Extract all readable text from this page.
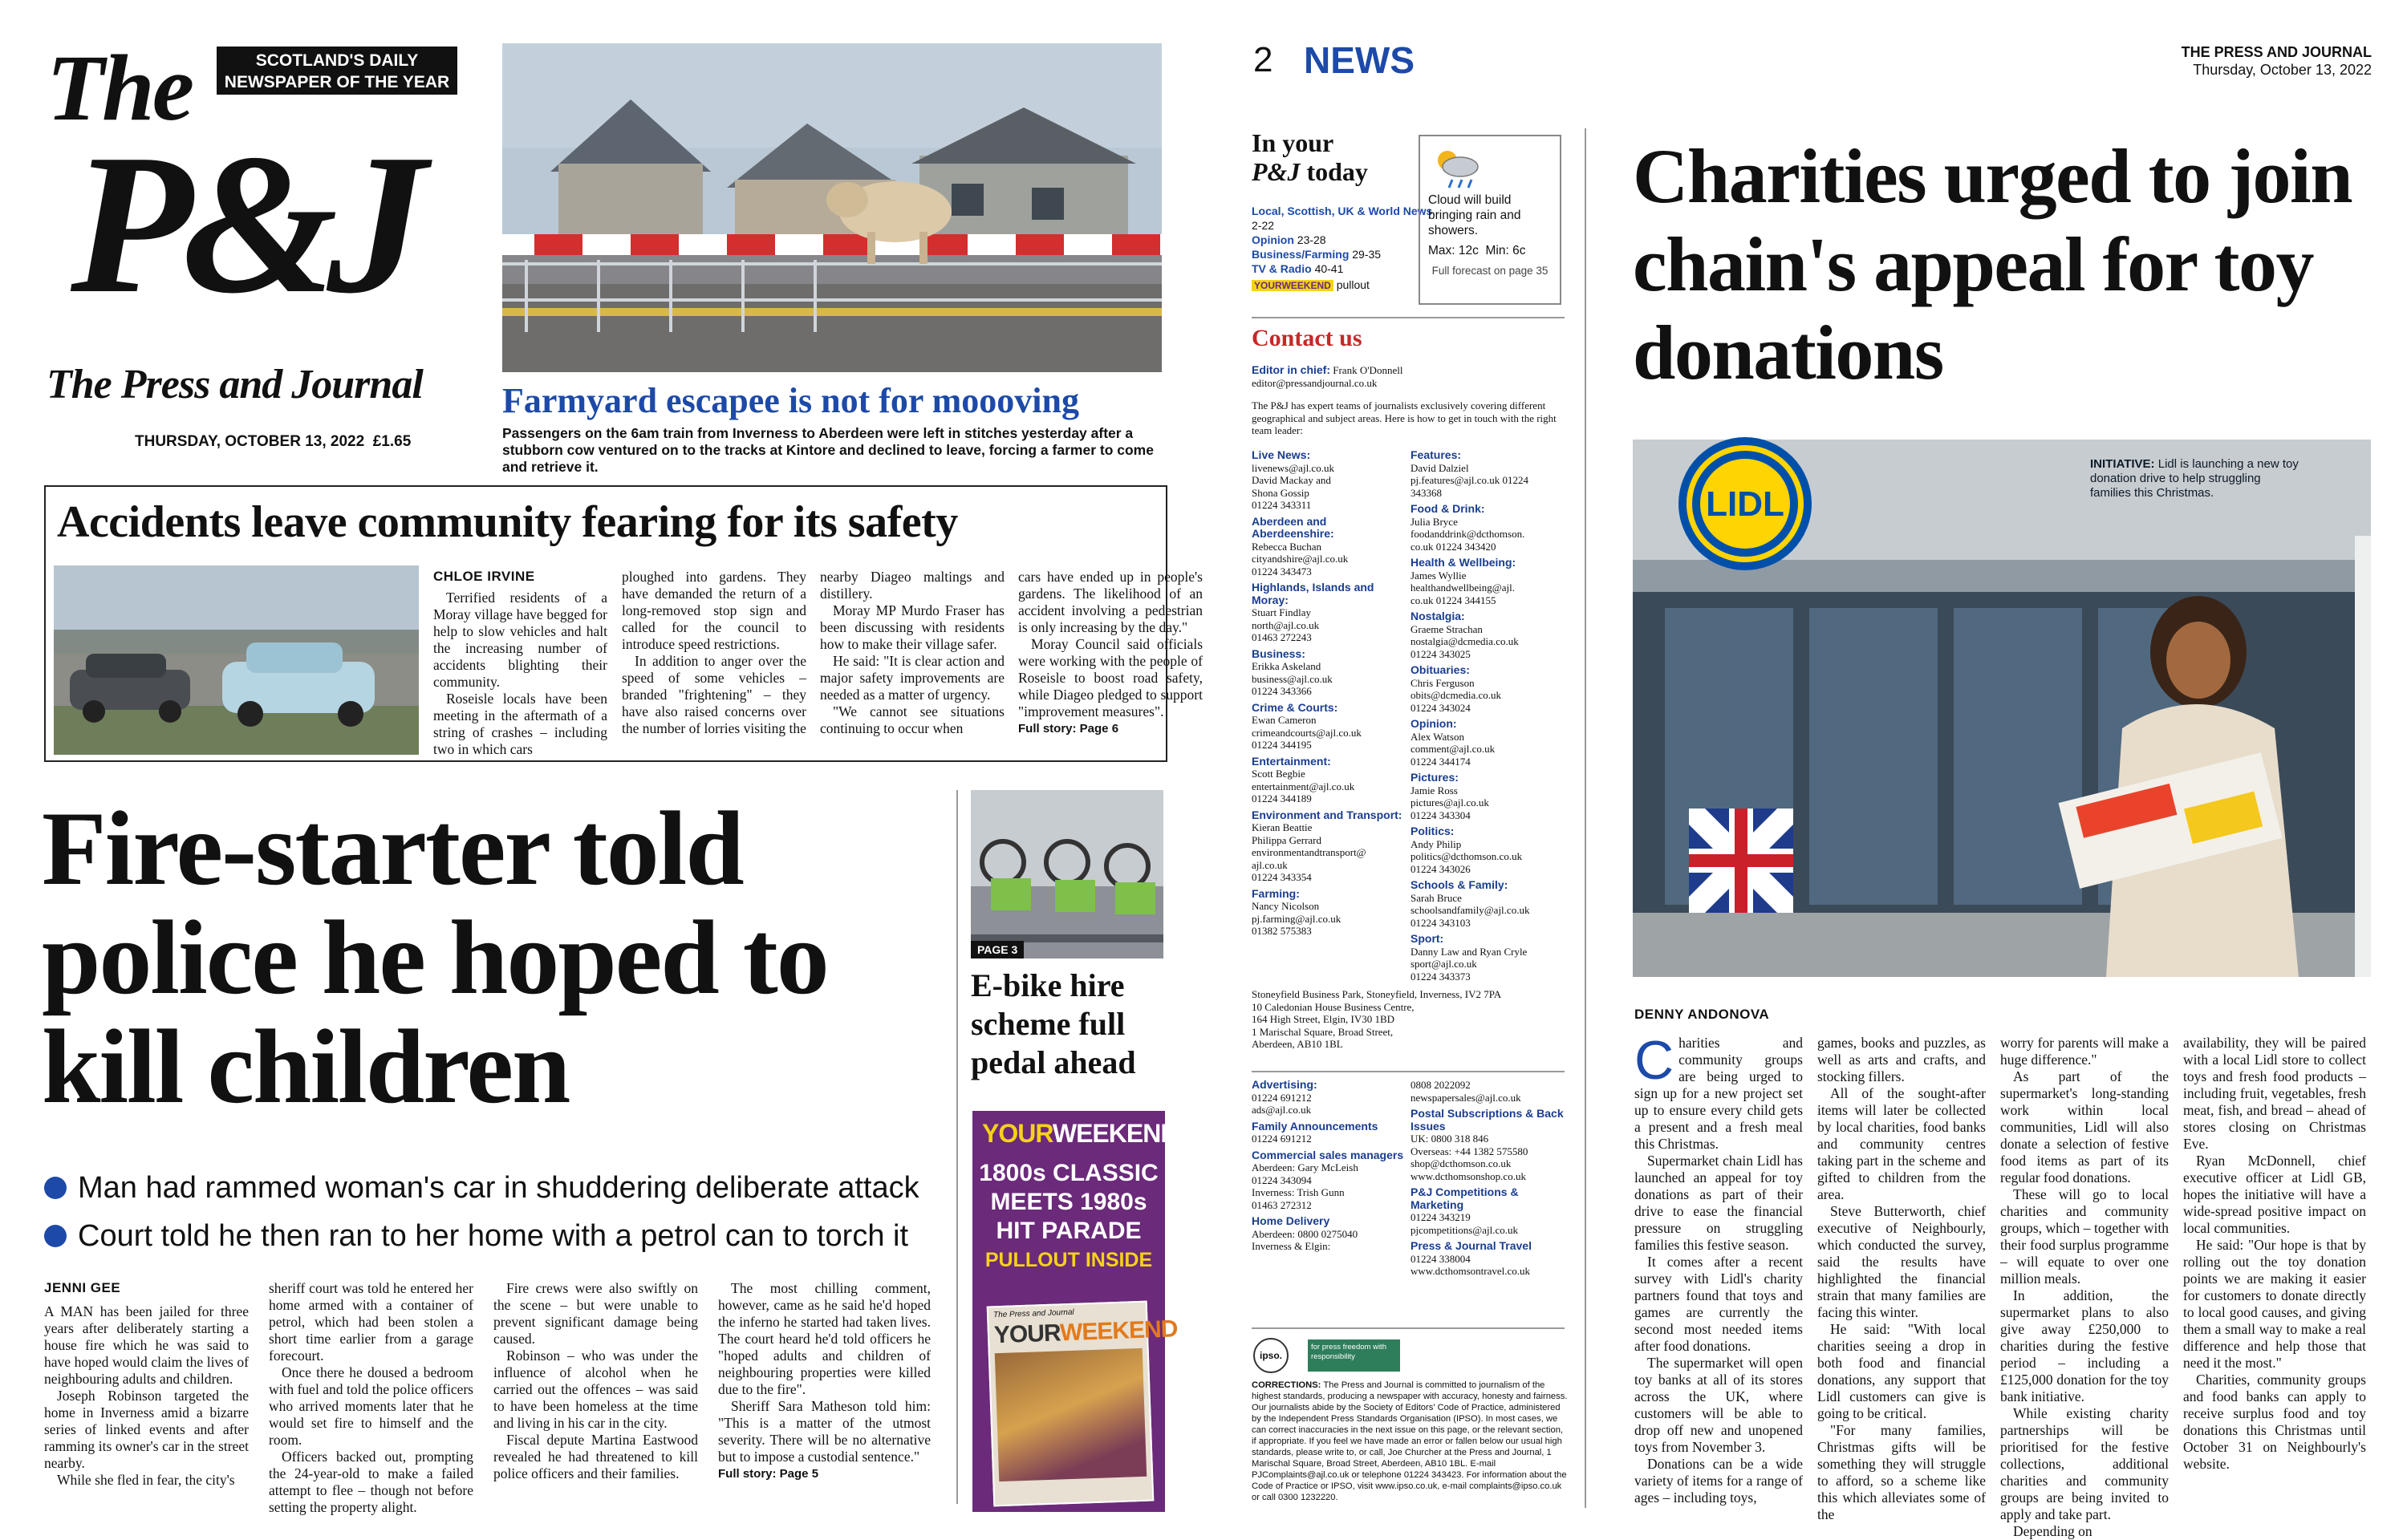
The
P&J
The Press and Journal
SCOTLAND'S DAILY
NEWSPAPER OF THE YEAR
THURSDAY, OCTOBER 13, 2022  £1.65
Farmyard escapee is not for moooving
Passengers on the 6am train from Inverness to Aberdeen were left in stitches yesterday after a stubborn cow ventured on to the tracks at Kintore and declined to leave, forcing a farmer to come and retrieve it.
Accidents leave community fearing for its safety
CHLOE IRVINE

Terrified residents of a Moray village have begged for help to slow vehicles and halt the increasing number of accidents blighting their community.

Roseisle locals have been meeting in the aftermath of a string of crashes – including two in which cars

ploughed into gardens. They have demanded the return of a long-removed stop sign and called for the council to introduce speed restrictions.

In addition to anger over the speed of some vehicles – branded "frightening" – they have also raised concerns over the number of lorries visiting the

nearby Diageo maltings and distillery.

Moray MP Murdo Fraser has been discussing with residents how to make their village safer.

He said: "It is clear action and major safety improvements are needed as a matter of urgency.

"We cannot see situations continuing to occur when

cars have ended up in people's gardens. The likelihood of an accident involving a pedestrian is only increasing by the day."

Moray Council said officials were working with the people of Roseisle to boost road safety, while Diageo pledged to support "improvement measures".

Full story: Page 6

Fire-starter told police he hoped to kill children
Man had rammed woman's car in shuddering deliberate attack
Court told he then ran to her home with a petrol can to torch it
JENNI GEE

A MAN has been jailed for three years after deliberately starting a house fire which he was said to have hoped would claim the lives of neighbouring adults and children.

Joseph Robinson targeted the home in Inverness amid a bizarre series of linked events and after ramming its owner's car in the street nearby.

While she fled in fear, the city's

sheriff court was told he entered her home armed with a container of petrol, which had been stolen a short time earlier from a garage forecourt.

Once there he doused a bedroom with fuel and told the police officers who arrived moments later that he would set fire to himself and the room.

Officers backed out, prompting the 24-year-old to make a failed attempt to flee – though not before setting the property alight.

Fire crews were also swiftly on the scene – but were unable to prevent significant damage being caused.

Robinson – who was under the influence of alcohol when he carried out the offences – was said to have been homeless at the time and living in his car in the city.

Fiscal depute Martina Eastwood revealed he had threatened to kill police officers and their families.

The most chilling comment, however, came as he said he'd hoped the inferno he started had taken lives. The court heard he'd told officers he "hoped adults and children of neighbouring properties were killed due to the fire".

Sheriff Sara Matheson told him: "This is a matter of the utmost severity. There will be no alternative but to impose a custodial sentence."

Full story: Page 5

PAGE 3
E-bike hire scheme full pedal ahead
YOURWEEKEND
1800s CLASSIC
MEETS 1980s
HIT PARADE
PULLOUT INSIDE
The Press and Journal
YOURWEEKEND
2 NEWS	THE PRESS AND JOURNAL
Thursday, October 13, 2022
In your
P&J today
Local, Scottish, UK & World News 2-22
Opinion 23-28
Business/Farming 29-35
TV & Radio 40-41
YOURWEEKEND pullout
Cloud will build bringing rain and showers.
Max: 12c Min: 6c
Full forecast on page 35
Contact us
Editor in chief: Frank O'Donnell
editor@pressandjournal.co.uk
The P&J has expert teams of journalists exclusively covering different geographical and subject areas. Here is how to get in touch with the right team leader:
Live News:
livenews@ajl.co.uk
David Mackay and
Shona Gossip
01224 343311
Aberdeen and Aberdeenshire:
Rebecca Buchan
cityandshire@ajl.co.uk
01224 343473
Highlands, Islands and Moray:
Stuart Findlay
north@ajl.co.uk
01463 272243
Business:
Erikka Askeland
business@ajl.co.uk
01224 343366
Crime & Courts:
Ewan Cameron
crimeandcourts@ajl.co.uk
01224 344195
Entertainment:
Scott Begbie
entertainment@ajl.co.uk
01224 344189
Environment and Transport:
Kieran Beattie
Philippa Gerrard
environmentandtransport@
ajl.co.uk
01224 343354
Farming:
Nancy Nicolson
pj.farming@ajl.co.uk
01382 575383
Features:
David Dalziel
pj.features@ajl.co.uk 01224
343368
Food & Drink:
Julia Bryce
foodanddrink@dcthomson.
co.uk 01224 343420
Health & Wellbeing:
James Wyllie
healthandwellbeing@ajl.
co.uk 01224 344155
Nostalgia:
Graeme Strachan
nostalgia@dcmedia.co.uk
01224 343025
Obituaries:
Chris Ferguson
obits@dcmedia.co.uk
01224 343024
Opinion:
Alex Watson
comment@ajl.co.uk
01224 344174
Pictures:
Jamie Ross
pictures@ajl.co.uk
01224 343304
Politics:
Andy Philip
politics@dcthomson.co.uk
01224 343026
Schools & Family:
Sarah Bruce
schoolsandfamily@ajl.co.uk
01224 343103
Sport:
Danny Law and Ryan Cryle
sport@ajl.co.uk
01224 343373
Stoneyfield Business Park, Stoneyfield, Inverness, IV2 7PA
10 Caledonian House Business Centre,
164 High Street, Elgin, IV30 1BD
1 Marischal Square, Broad Street,
Aberdeen, AB10 1BL
Advertising:
01224 691212
ads@ajl.co.uk
Family Announcements
01224 691212
Commercial sales managers
Aberdeen: Gary McLeish
01224 343094
Inverness: Trish Gunn
01463 272312
Home Delivery
Aberdeen: 0800 0275040
Inverness & Elgin:
0808 2022092
newspapersales@ajl.co.uk
Postal Subscriptions & Back Issues
UK: 0800 318 846
Overseas: +44 1382 575580
shop@dcthomson.co.uk
www.dcthomsonshop.co.uk
P&J Competitions & Marketing
01224 343219
pjcompetitions@ajl.co.uk
Press & Journal Travel
01224 338004
www.dcthomsontravel.co.uk
ipso.
for press freedom with responsibility
CORRECTIONS: The Press and Journal is committed to journalism of the highest standards, producing a newspaper with accuracy, honesty and fairness. Our journalists abide by the Society of Editors' Code of Practice, administered by the Independent Press Standards Organisation (IPSO). In most cases, we can correct inaccuracies in the next issue on this page, or the relevant section, if appropriate. If you feel we have made an error or fallen below our usual high standards, please write to, or call, Joe Churcher at the Press and Journal, 1 Marischal Square, Broad Street, Aberdeen, AB10 1BL. E-mail PJComplaints@ajl.co.uk or telephone 01224 343423. For information about the Code of Practice or IPSO, visit www.ipso.co.uk, e-mail complaints@ipso.co.uk or call 0300 1232220.
Charities urged to join chain's appeal for toy donations
LIDL
INITIATIVE: Lidl is launching a new toy donation drive to help struggling families this Christmas.
DENNY ANDONOVA

Charities and community groups are being urged to sign up for a new project set up to ensure every child gets a present and a fresh meal this Christmas.

Supermarket chain Lidl has launched an appeal for toy donations as part of their drive to ease the financial pressure on struggling families this festive season.

It comes after a recent survey with Lidl's charity partners found that toys and games are currently the second most needed items after food donations.

The supermarket will open toy banks at all of its stores across the UK, where customers will be able to drop off new and unopened toys from November 3.

Donations can be a wide variety of items for a range of ages – including toys,

games, books and puzzles, as well as arts and crafts, and stocking fillers.

All of the sought-after items will later be collected by local charities, food banks and community centres taking part in the scheme and gifted to children from the area.

Steve Butterworth, chief executive of Neighbourly, which conducted the survey, said the results have highlighted the financial strain that many families are facing this winter.

He said: "With local charities seeing a drop in both food and financial donations, any support that Lidl customers can give is going to be critical.

"For many families, Christmas gifts will be something they will struggle to afford, so a scheme like this which alleviates some of the

worry for parents will make a huge difference."

As part of the supermarket's long-standing work within local communities, Lidl will also donate a selection of festive food items as part of its regular food donations.

These will go to local charities and community groups, which – together with their food surplus programme – will equate to over one million meals.

In addition, the supermarket plans to also give away £250,000 to charities during the festive period – including a £125,000 donation for the toy bank initiative.

While existing charity partnerships will be prioritised for the festive collections, additional charities and community groups are being invited to apply and take part.

Depending on

availability, they will be paired with a local Lidl store to collect toys and fresh food products – including fruit, vegetables, fresh meat, fish, and bread – ahead of stores closing on Christmas Eve.

Ryan McDonnell, chief executive officer at Lidl GB, hopes the initiative will have a wide-spread positive impact on local communities.

He said: "Our hope is that by rolling out the toy donation points we are making it easier for customers to donate directly to local good causes, and giving them a small way to make a real difference and help those that need it the most."

Charities, community groups and food banks can apply to receive surplus food and toy donations this Christmas until October 31 on Neighbourly's website.
